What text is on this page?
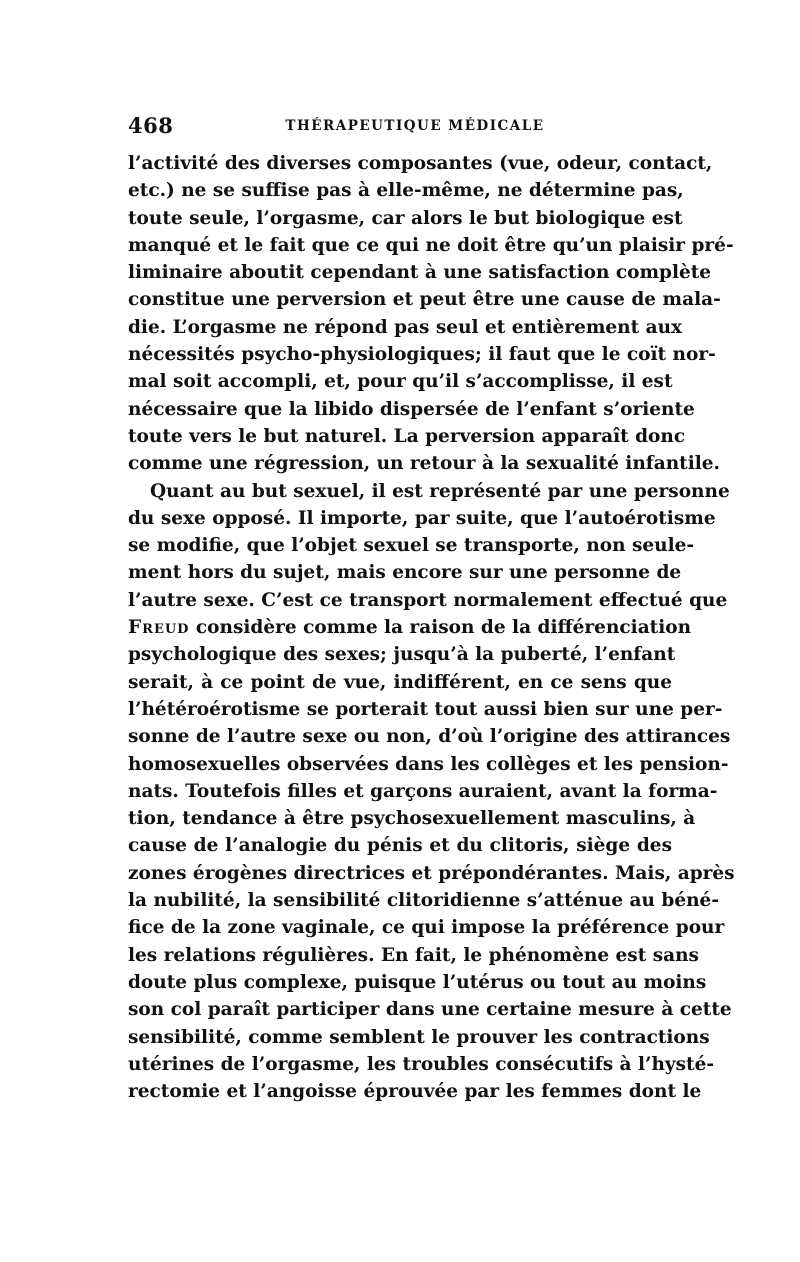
468	THÉRAPEUTIQUE MÉDICALE
l’activité des diverses composantes (vue, odeur, contact,
etc.) ne se suffise pas à elle-même, ne détermine pas,
toute seule, l’orgasme, car alors le but biologique est
manqué et le fait que ce qui ne doit être qu’un plaisir pré-
liminaire aboutit cependant à une satisfaction complète
constitue une perversion et peut être une cause de mala-
die. L’orgasme ne répond pas seul et entièrement aux
nécessités psycho-physiologiques; il faut que le coït nor-
mal soit accompli, et, pour qu’il s’accomplisse, il est
nécessaire que la libido dispersée de l’enfant s’oriente
toute vers le but naturel. La perversion apparaît donc
comme une régression, un retour à la sexualité infantile.
Quant au but sexuel, il est représenté par une personne
du sexe opposé. Il importe, par suite, que l’autoérotisme
se modifie, que l’objet sexuel se transporte, non seule-
ment hors du sujet, mais encore sur une personne de
l’autre sexe. C’est ce transport normalement effectué que
Freud considère comme la raison de la différenciation
psychologique des sexes; jusqu’à la puberté, l’enfant
serait, à ce point de vue, indifférent, en ce sens que
l’hétéroérotisme se porterait tout aussi bien sur une per-
sonne de l’autre sexe ou non, d’où l’origine des attirances
homosexuelles observées dans les collèges et les pension-
nats. Toutefois filles et garçons auraient, avant la forma-
tion, tendance à être psychosexuellement masculins, à
cause de l’analogie du pénis et du clitoris, siège des
zones érogènes directrices et prépondérantes. Mais, après
la nubilité, la sensibilité clitoridienne s’atténue au béné-
fice de la zone vaginale, ce qui impose la préférence pour
les relations régulières. En fait, le phénomène est sans
doute plus complexe, puisque l’utérus ou tout au moins
son col paraît participer dans une certaine mesure à cette
sensibilité, comme semblent le prouver les contractions
utérines de l’orgasme, les troubles consécutifs à l’hysté-
rectomie et l’angoisse éprouvée par les femmes dont le
